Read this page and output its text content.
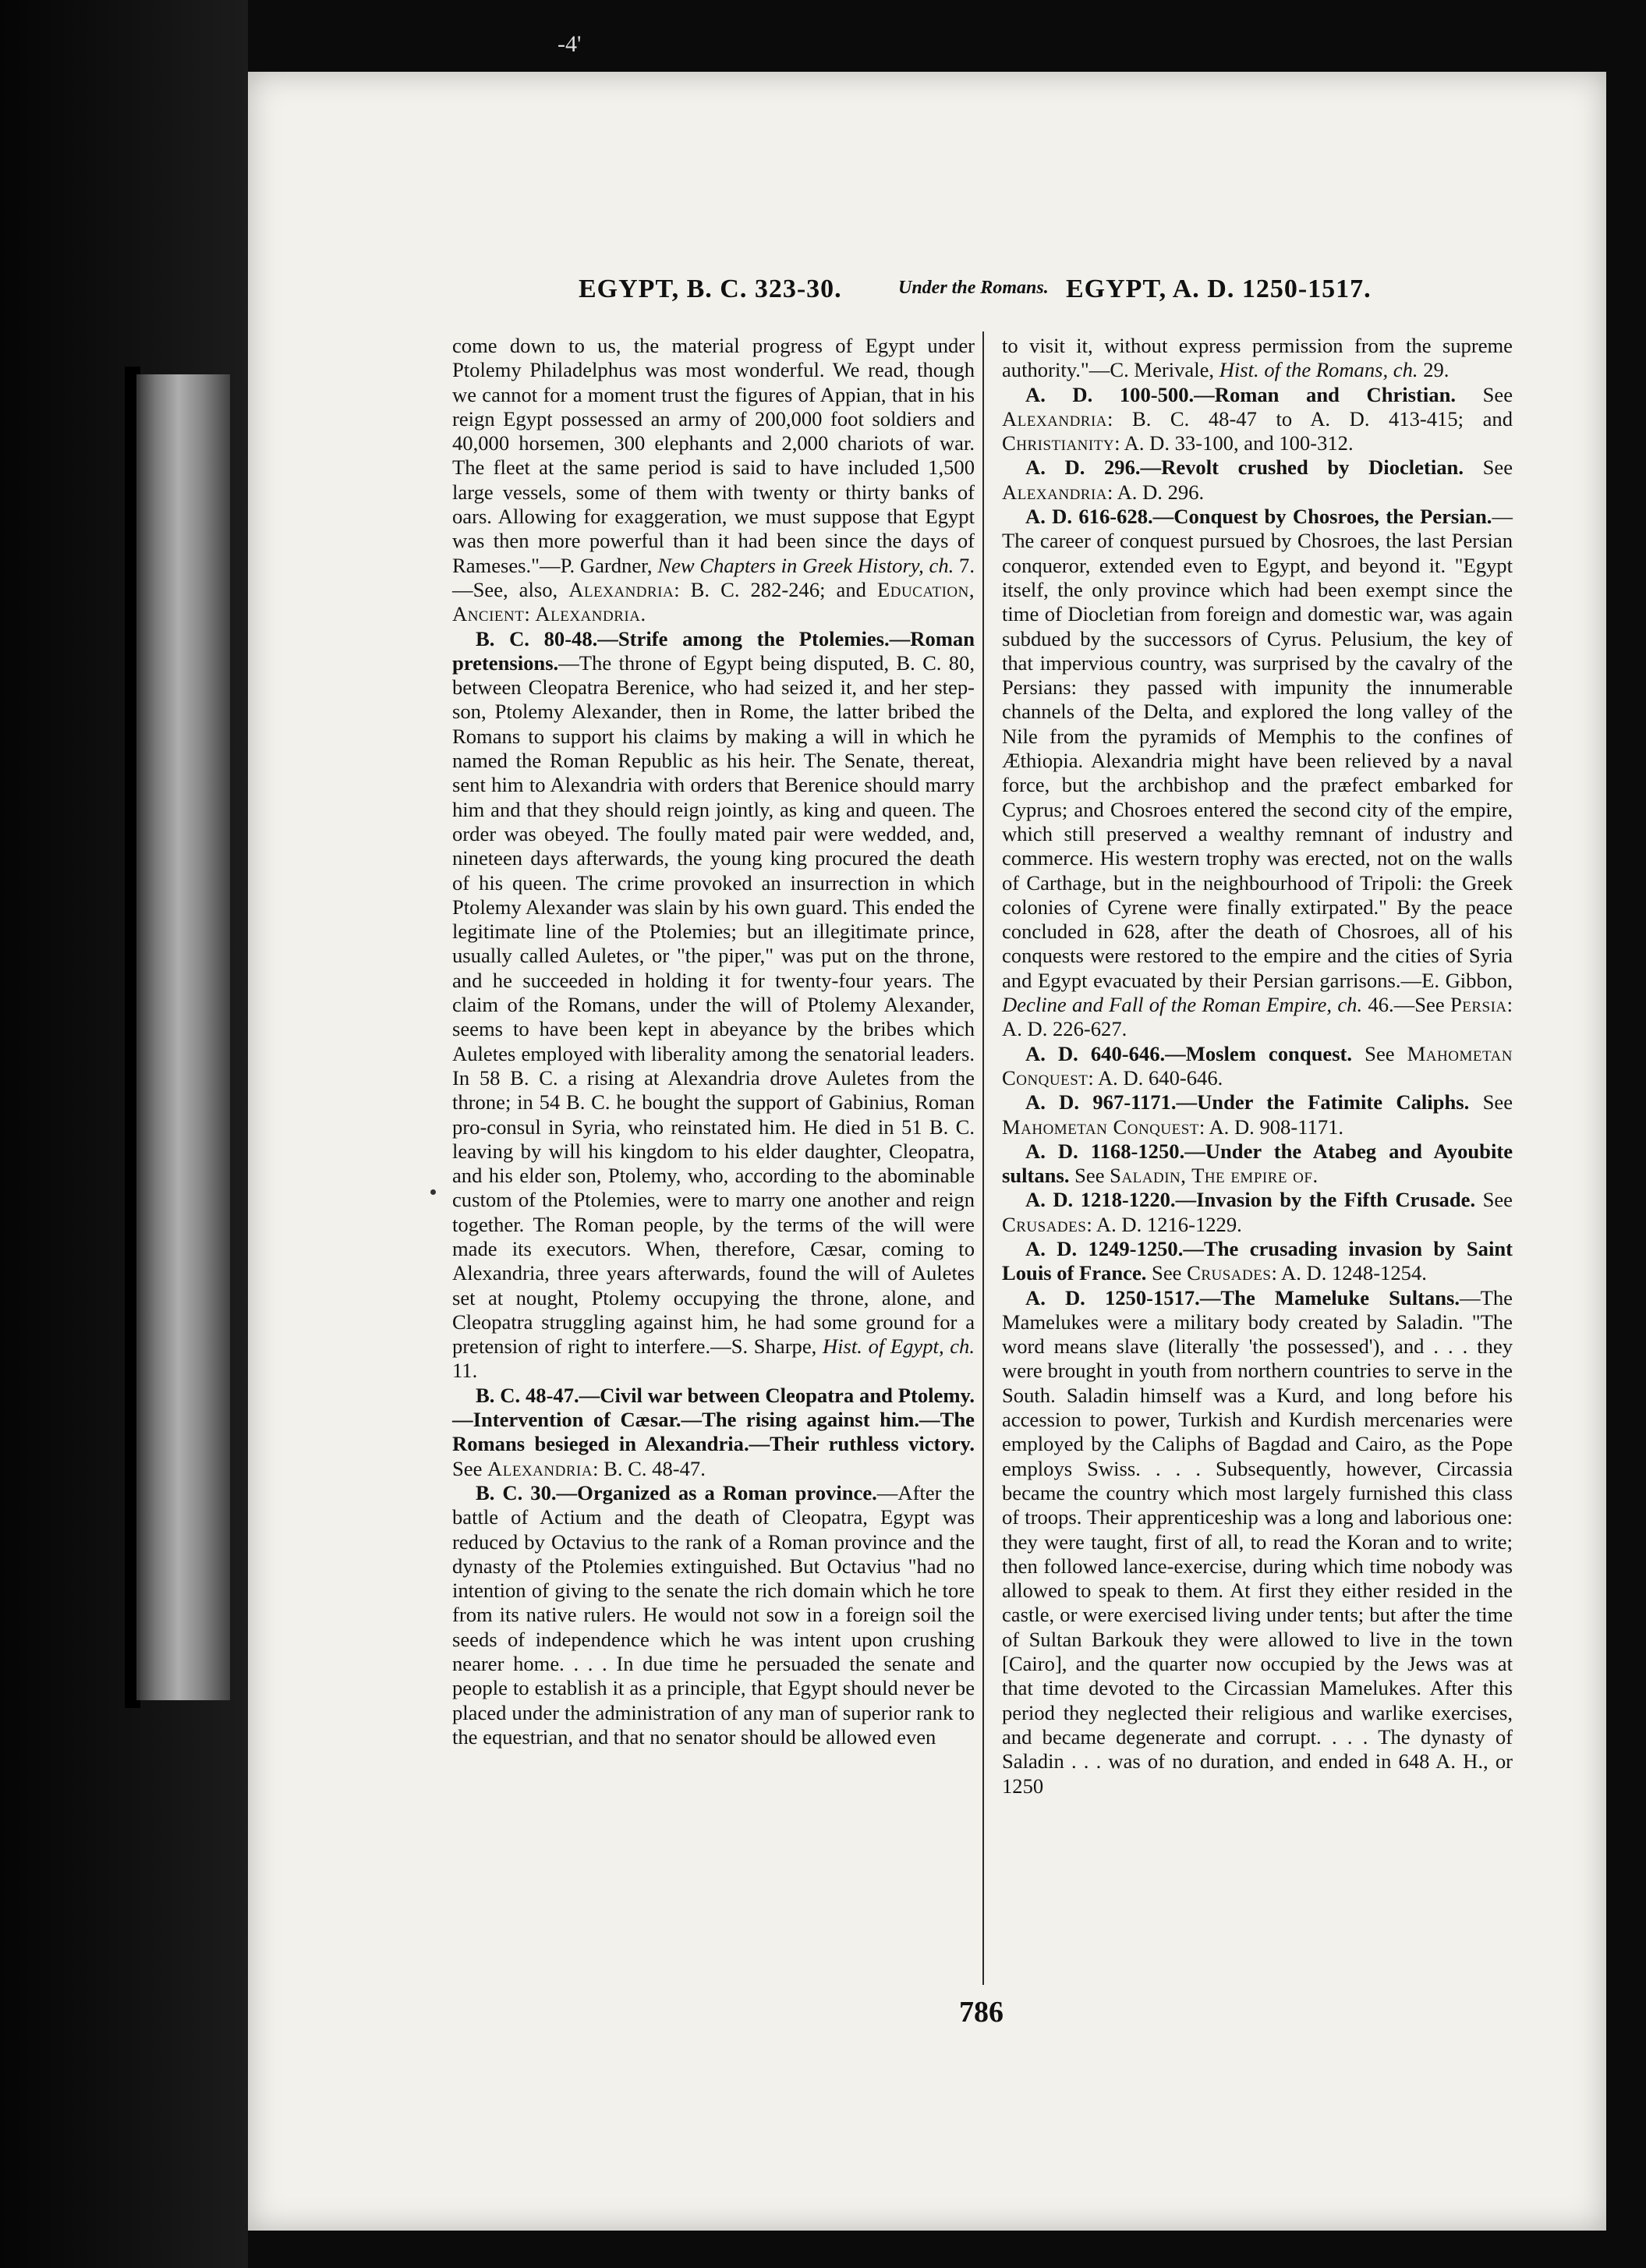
-4'
EGYPT, B. C. 323-30.	Under the Romans. EGYPT, A. D. 1250-1517.

come down to us, the material progress of Egypt under Ptolemy Philadelphus was most wonderful. We read, though we cannot for a moment trust the figures of Appian, that in his reign Egypt possessed an army of 200,000 foot soldiers and 40,000 horsemen, 300 elephants and 2,000 chariots of war. The fleet at the same period is said to have included 1,500 large vessels, some of them with twenty or thirty banks of oars. Allowing for exaggeration, we must suppose that Egypt was then more powerful than it had been since the days of Rameses."—P. Gardner, New Chapters in Greek History, ch. 7.—See, also, Alexandria: B. C. 282-246; and Education, Ancient: Alexandria.

B. C. 80-48.—Strife among the Ptolemies.—Roman pretensions.—The throne of Egypt being disputed, B. C. 80, between Cleopatra Berenice, who had seized it, and her step-son, Ptolemy Alexander, then in Rome, the latter bribed the Romans to support his claims by making a will in which he named the Roman Republic as his heir. The Senate, thereat, sent him to Alexandria with orders that Berenice should marry him and that they should reign jointly, as king and queen. The order was obeyed. The foully mated pair were wedded, and, nineteen days afterwards, the young king procured the death of his queen. The crime provoked an insurrection in which Ptolemy Alexander was slain by his own guard. This ended the legitimate line of the Ptolemies; but an illegitimate prince, usually called Auletes, or "the piper," was put on the throne, and he succeeded in holding it for twenty-four years. The claim of the Romans, under the will of Ptolemy Alexander, seems to have been kept in abeyance by the bribes which Auletes employed with liberality among the senatorial leaders. In 58 B. C. a rising at Alexandria drove Auletes from the throne; in 54 B. C. he bought the support of Gabinius, Roman pro-consul in Syria, who reinstated him. He died in 51 B. C. leaving by will his kingdom to his elder daughter, Cleopatra, and his elder son, Ptolemy, who, according to the abominable custom of the Ptolemies, were to marry one another and reign together. The Roman people, by the terms of the will were made its executors. When, therefore, Cæsar, coming to Alexandria, three years afterwards, found the will of Auletes set at nought, Ptolemy occupying the throne, alone, and Cleopatra struggling against him, he had some ground for a pretension of right to interfere.—S. Sharpe, Hist. of Egypt, ch. 11.

B. C. 48-47.—Civil war between Cleopatra and Ptolemy.—Intervention of Cæsar.—The rising against him.—The Romans besieged in Alexandria.—Their ruthless victory. See Alexandria: B. C. 48-47.

B. C. 30.—Organized as a Roman province.—After the battle of Actium and the death of Cleopatra, Egypt was reduced by Octavius to the rank of a Roman province and the dynasty of the Ptolemies extinguished. But Octavius "had no intention of giving to the senate the rich domain which he tore from its native rulers. He would not sow in a foreign soil the seeds of independence which he was intent upon crushing nearer home. . . . In due time he persuaded the senate and people to establish it as a principle, that Egypt should never be placed under the administration of any man of superior rank to the equestrian, and that no senator should be allowed even

to visit it, without express permission from the supreme authority."—C. Merivale, Hist. of the Romans, ch. 29.

A. D. 100-500.—Roman and Christian. See Alexandria: B. C. 48-47 to A. D. 413-415; and Christianity: A. D. 33-100, and 100-312.

A. D. 296.—Revolt crushed by Diocletian. See Alexandria: A. D. 296.

A. D. 616-628.—Conquest by Chosroes, the Persian.—The career of conquest pursued by Chosroes, the last Persian conqueror, extended even to Egypt, and beyond it. "Egypt itself, the only province which had been exempt since the time of Diocletian from foreign and domestic war, was again subdued by the successors of Cyrus. Pelusium, the key of that impervious country, was surprised by the cavalry of the Persians: they passed with impunity the innumerable channels of the Delta, and explored the long valley of the Nile from the pyramids of Memphis to the confines of Æthiopia. Alexandria might have been relieved by a naval force, but the archbishop and the præfect embarked for Cyprus; and Chosroes entered the second city of the empire, which still preserved a wealthy remnant of industry and commerce. His western trophy was erected, not on the walls of Carthage, but in the neighbourhood of Tripoli: the Greek colonies of Cyrene were finally extirpated." By the peace concluded in 628, after the death of Chosroes, all of his conquests were restored to the empire and the cities of Syria and Egypt evacuated by their Persian garrisons.—E. Gibbon, Decline and Fall of the Roman Empire, ch. 46.—See Persia: A. D. 226-627.

A. D. 640-646.—Moslem conquest. See Mahometan Conquest: A. D. 640-646.

A. D. 967-1171.—Under the Fatimite Caliphs. See Mahometan Conquest: A. D. 908-1171.

A. D. 1168-1250.—Under the Atabeg and Ayoubite sultans. See Saladin, The empire of.

A. D. 1218-1220.—Invasion by the Fifth Crusade. See Crusades: A. D. 1216-1229.

A. D. 1249-1250.—The crusading invasion by Saint Louis of France. See Crusades: A. D. 1248-1254.

A. D. 1250-1517.—The Mameluke Sultans.—The Mamelukes were a military body created by Saladin. "The word means slave (literally 'the possessed'), and . . . they were brought in youth from northern countries to serve in the South. Saladin himself was a Kurd, and long before his accession to power, Turkish and Kurdish mercenaries were employed by the Caliphs of Bagdad and Cairo, as the Pope employs Swiss. . . . Subsequently, however, Circassia became the country which most largely furnished this class of troops. Their apprenticeship was a long and laborious one: they were taught, first of all, to read the Koran and to write; then followed lance-exercise, during which time nobody was allowed to speak to them. At first they either resided in the castle, or were exercised living under tents; but after the time of Sultan Barkouk they were allowed to live in the town [Cairo], and the quarter now occupied by the Jews was at that time devoted to the Circassian Mamelukes. After this period they neglected their religious and warlike exercises, and became degenerate and corrupt. . . . The dynasty of Saladin . . . was of no duration, and ended in 648 A. H., or 1250

786
